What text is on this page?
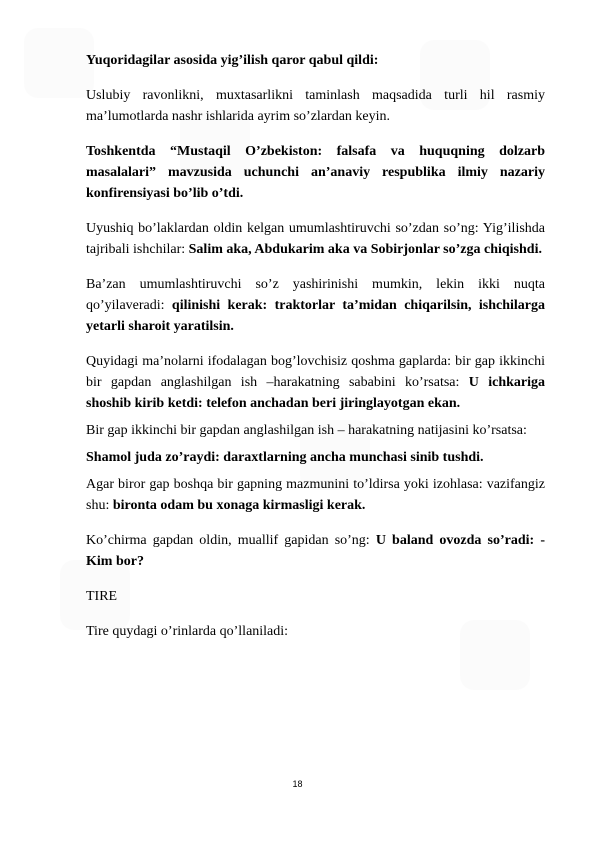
Yuqoridagilar asosida yig’ilish qaror qabul qildi:

Uslubiy ravonlikni, muxtasarlikni taminlash maqsadida turli hil rasmiy ma’lumotlarda nashr ishlarida ayrim so’zlardan keyin.

Toshkentda “Mustaqil O’zbekiston: falsafa va huquqning dolzarb masalalari” mavzusida uchunchi an’anaviy respublika ilmiy nazariy konfirensiyasi bo’lib o’tdi.

Uyushiq bo’laklardan oldin kelgan umumlashtiruvchi so’zdan so’ng: Yig’ilishda tajribali ishchilar: Salim aka, Abdukarim aka va Sobirjonlar so’zga chiqishdi.

Ba’zan umumlashtiruvchi so’z yashirinishi mumkin, lekin ikki nuqta qo’yilaveradi: qilinishi kerak: traktorlar ta’midan chiqarilsin, ishchilarga yetarli sharoit yaratilsin.

Quyidagi ma’nolarni ifodalagan bog’lovchisiz qoshma gaplarda: bir gap ikkinchi bir gapdan anglashilgan ish –harakatning sababini ko’rsatsa: U ichkariga shoshib kirib ketdi: telefon anchadan beri jiringlayotgan ekan.

Bir gap ikkinchi bir gapdan anglashilgan ish – harakatning natijasini ko’rsatsa:

Shamol juda zo’raydi: daraxtlarning ancha munchasi sinib tushdi.

Agar biror gap boshqa bir gapning mazmunini to’ldirsa yoki izohlasa: vazifangiz shu: bironta odam bu xonaga kirmasligi kerak.

Ko’chirma gapdan oldin, muallif gapidan so’ng: U baland ovozda so’radi: -Kim bor?

TIRE

Tire quydagi o’rinlarda qo’llaniladi:

18
